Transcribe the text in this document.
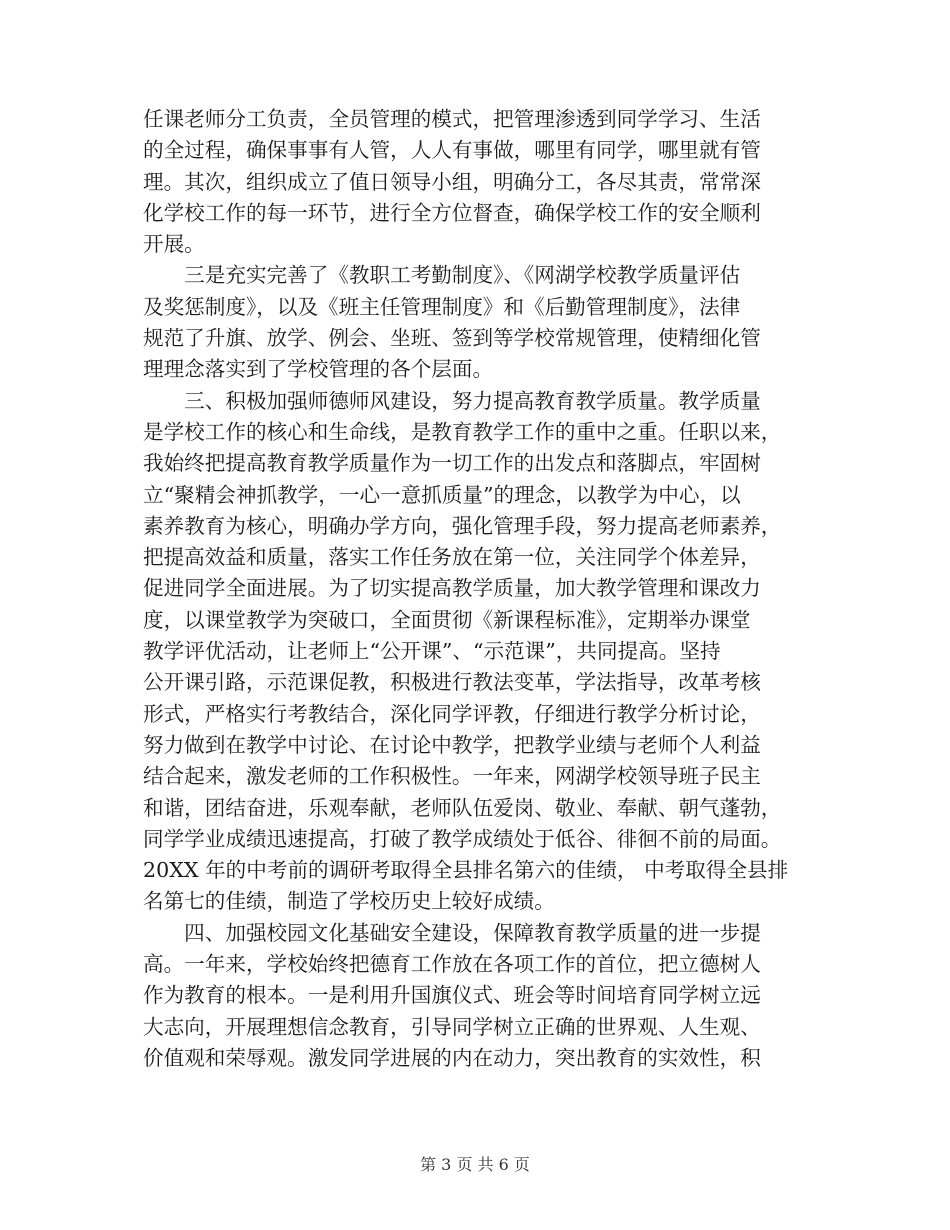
任课老师分工负责，全员管理的模式，把管理渗透到同学学习、生活
的全过程，确保事事有人管，人人有事做，哪里有同学，哪里就有管
理。其次，组织成立了值日领导小组，明确分工，各尽其责，常常深
化学校工作的每一环节，进行全方位督查，确保学校工作的安全顺利
开展。
　　三是充实完善了《教职工考勤制度》、《网湖学校教学质量评估
及奖惩制度》，以及《班主任管理制度》和《后勤管理制度》，法律
规范了升旗、放学、例会、坐班、签到等学校常规管理，使精细化管
理理念落实到了学校管理的各个层面。
　　三、积极加强师德师风建设，努力提高教育教学质量。教学质量
是学校工作的核心和生命线，是教育教学工作的重中之重。任职以来，
我始终把提高教育教学质量作为一切工作的出发点和落脚点，牢固树
立“聚精会神抓教学，一心一意抓质量”的理念，以教学为中心，以
素养教育为核心，明确办学方向，强化管理手段，努力提高老师素养，
把提高效益和质量，落实工作任务放在第一位，关注同学个体差异，
促进同学全面进展。为了切实提高教学质量，加大教学管理和课改力
度，以课堂教学为突破口，全面贯彻《新课程标准》，定期举办课堂
教学评优活动，让老师上“公开课”、“示范课”，共同提高。坚持
公开课引路，示范课促教，积极进行教法变革，学法指导，改革考核
形式，严格实行考教结合，深化同学评教，仔细进行教学分析讨论，
努力做到在教学中讨论、在讨论中教学，把教学业绩与老师个人利益
结合起来，激发老师的工作积极性。一年来，网湖学校领导班子民主
和谐，团结奋进，乐观奉献，老师队伍爱岗、敬业、奉献、朝气蓬勃，
同学学业成绩迅速提高，打破了教学成绩处于低谷、徘徊不前的局面。
20XX 年的中考前的调研考取得全县排名第六的佳绩， 中考取得全县排
名第七的佳绩，制造了学校历史上较好成绩。
　　四、加强校园文化基础安全建设，保障教育教学质量的进一步提
高。一年来，学校始终把德育工作放在各项工作的首位，把立德树人
作为教育的根本。一是利用升国旗仪式、班会等时间培育同学树立远
大志向，开展理想信念教育，引导同学树立正确的世界观、人生观、
价值观和荣辱观。激发同学进展的内在动力，突出教育的实效性，积
第 3 页 共 6 页
